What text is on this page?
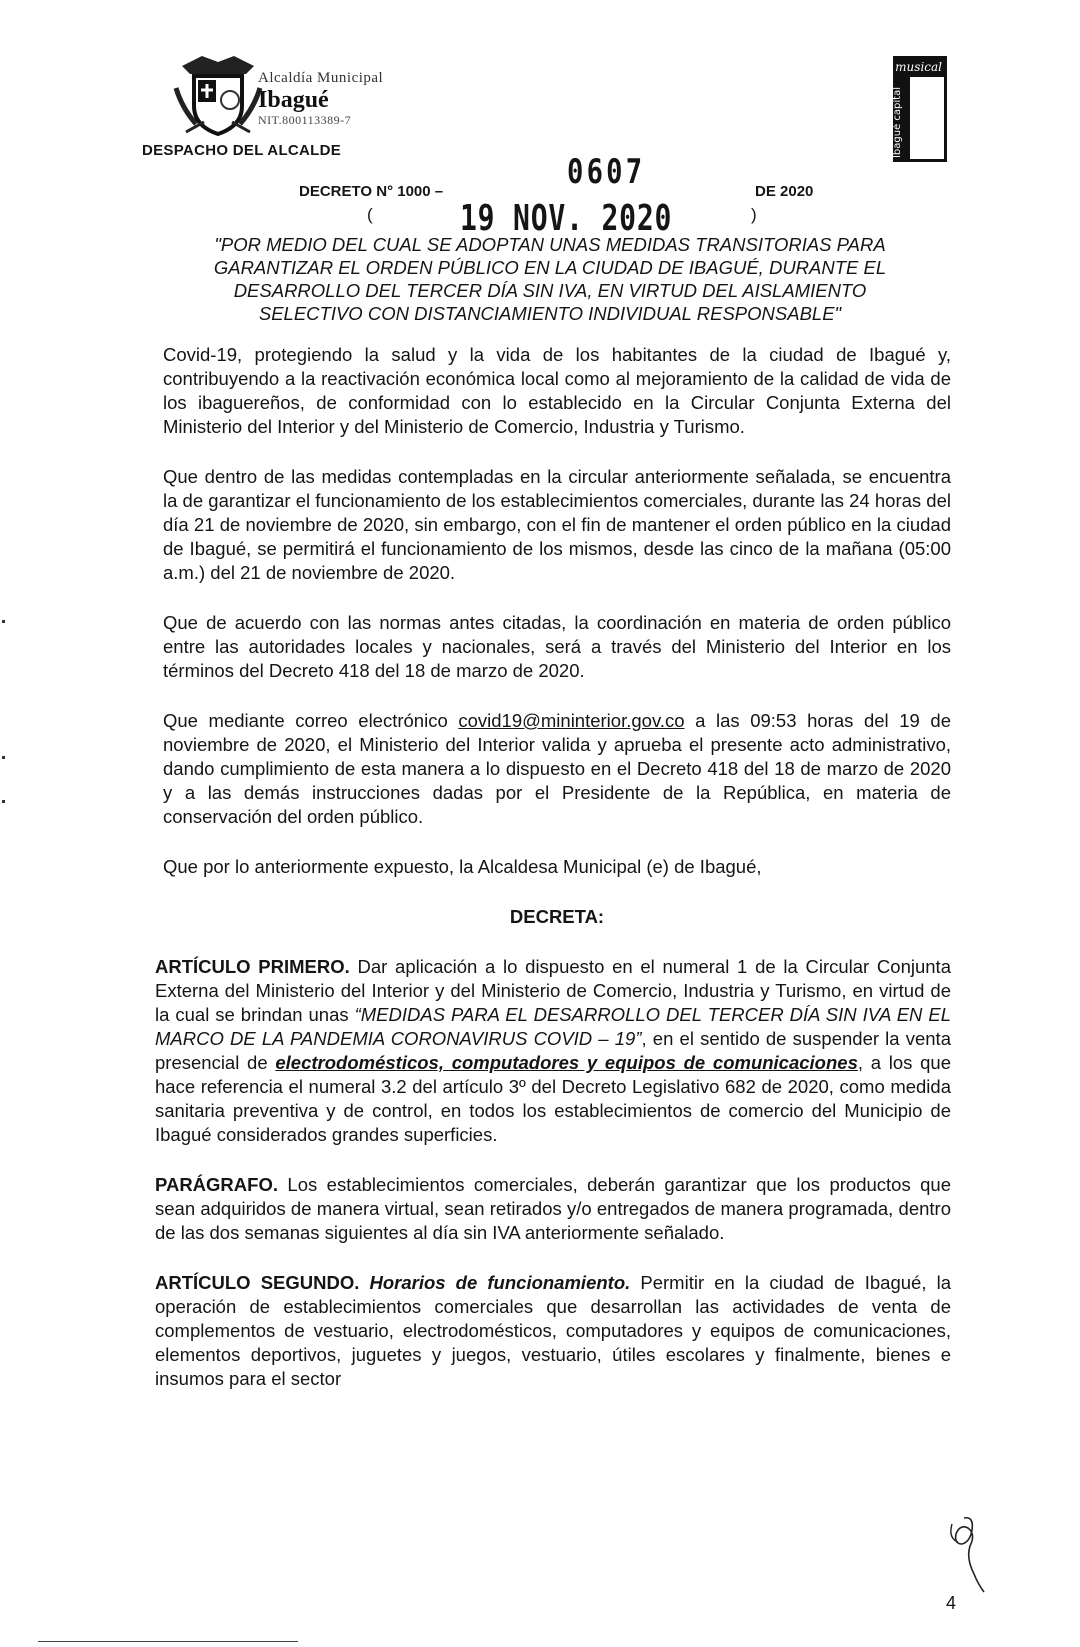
Alcaldía Municipal
Ibagué
NIT.800113389-7
DESPACHO DEL ALCALDE
musical
Ibagué capital
DECRETO N° 1000 –	0607	DE 2020
( 19 NOV. 2020	)
"POR MEDIO DEL CUAL SE ADOPTAN UNAS MEDIDAS TRANSITORIAS PARA
GARANTIZAR EL ORDEN PÚBLICO EN LA CIUDAD DE IBAGUÉ, DURANTE EL
DESARROLLO DEL TERCER DÍA SIN IVA, EN VIRTUD DEL AISLAMIENTO
SELECTIVO CON DISTANCIAMIENTO INDIVIDUAL RESPONSABLE"

Covid-19, protegiendo la salud y la vida de los habitantes de la ciudad de Ibagué y, contribuyendo a la reactivación económica local como al mejoramiento de la calidad de vida de los ibaguereños, de conformidad con lo establecido en la Circular Conjunta Externa del Ministerio del Interior y del Ministerio de Comercio, Industria y Turismo.

Que dentro de las medidas contempladas en la circular anteriormente señalada, se encuentra la de garantizar el funcionamiento de los establecimientos comerciales, durante las 24 horas del día 21 de noviembre de 2020, sin embargo, con el fin de mantener el orden público en la ciudad de Ibagué, se permitirá el funcionamiento de los mismos, desde las cinco de la mañana (05:00 a.m.) del 21 de noviembre de 2020.

Que de acuerdo con las normas antes citadas, la coordinación en materia de orden público entre las autoridades locales y nacionales, será a través del Ministerio del Interior en los términos del Decreto 418 del 18 de marzo de 2020.

Que mediante correo electrónico covid19@mininterior.gov.co a las 09:53 horas del 19 de noviembre de 2020, el Ministerio del Interior valida y aprueba el presente acto administrativo, dando cumplimiento de esta manera a lo dispuesto en el Decreto 418 del 18 de marzo de 2020 y a las demás instrucciones dadas por el Presidente de la República, en materia de conservación del orden público.

Que por lo anteriormente expuesto, la Alcaldesa Municipal (e) de Ibagué,

DECRETA:

ARTÍCULO PRIMERO. Dar aplicación a lo dispuesto en el numeral 1 de la Circular Conjunta Externa del Ministerio del Interior y del Ministerio de Comercio, Industria y Turismo, en virtud de la cual se brindan unas “MEDIDAS PARA EL DESARROLLO DEL TERCER DÍA SIN IVA EN EL MARCO DE LA PANDEMIA CORONAVIRUS COVID – 19”, en el sentido de suspender la venta presencial de electrodomésticos, computadores y equipos de comunicaciones, a los que hace referencia el numeral 3.2 del artículo 3º del Decreto Legislativo 682 de 2020, como medida sanitaria preventiva y de control, en todos los establecimientos de comercio del Municipio de Ibagué considerados grandes superficies.

PARÁGRAFO. Los establecimientos comerciales, deberán garantizar que los productos que sean adquiridos de manera virtual, sean retirados y/o entregados de manera programada, dentro de las dos semanas siguientes al día sin IVA anteriormente señalado.

ARTÍCULO SEGUNDO. Horarios de funcionamiento. Permitir en la ciudad de Ibagué, la operación de establecimientos comerciales que desarrollan las actividades de venta de complementos de vestuario, electrodomésticos, computadores y equipos de comunicaciones, elementos deportivos, juguetes y juegos, vestuario, útiles escolares y finalmente, bienes e insumos para el sector

4
